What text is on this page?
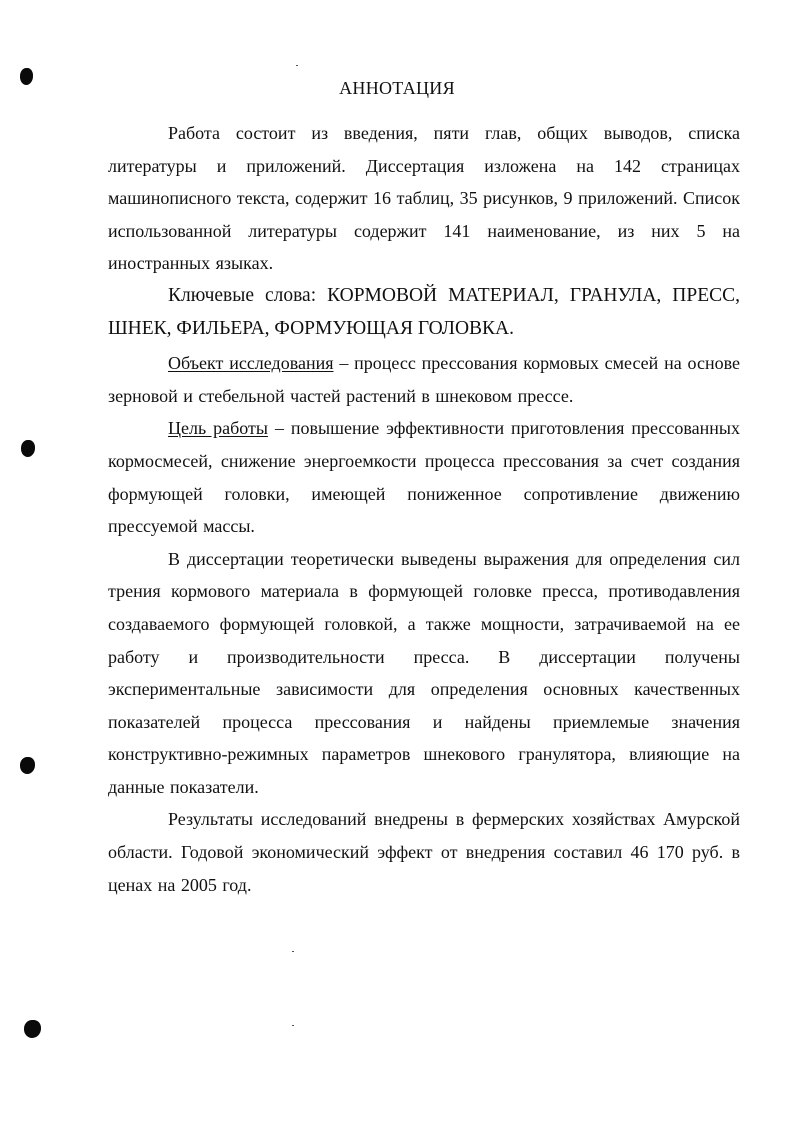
АННОТАЦИЯ

Работа состоит из введения, пяти глав, общих выводов, списка литературы и приложений. Диссертация изложена на 142 страницах машинописного текста, содержит 16 таблиц, 35 рисунков, 9 приложений. Список использованной литературы содержит 141 наименование, из них 5 на иностранных языках.

Ключевые слова: КОРМОВОЙ МАТЕРИАЛ, ГРАНУЛА, ПРЕСС, ШНЕК, ФИЛЬЕРА, ФОРМУЮЩАЯ ГОЛОВКА.

Объект исследования – процесс прессования кормовых смесей на основе зерновой и стебельной частей растений в шнековом прессе.

Цель работы – повышение эффективности приготовления прессованных кормосмесей, снижение энергоемкости процесса прессования за счет создания формующей головки, имеющей пониженное сопротивление движению прессуемой массы.

В диссертации теоретически выведены выражения для определения сил трения кормового материала в формующей головке пресса, противодавления создаваемого формующей головкой, а также мощности, затрачиваемой на ее работу и производительности пресса. В диссертации получены экспериментальные зависимости для определения основных качественных показателей процесса прессования и найдены приемлемые значения конструктивно-режимных параметров шнекового гранулятора, влияющие на данные показатели.

Результаты исследований внедрены в фермерских хозяйствах Амурской области. Годовой экономический эффект от внедрения составил 46 170 руб. в ценах на 2005 год.
